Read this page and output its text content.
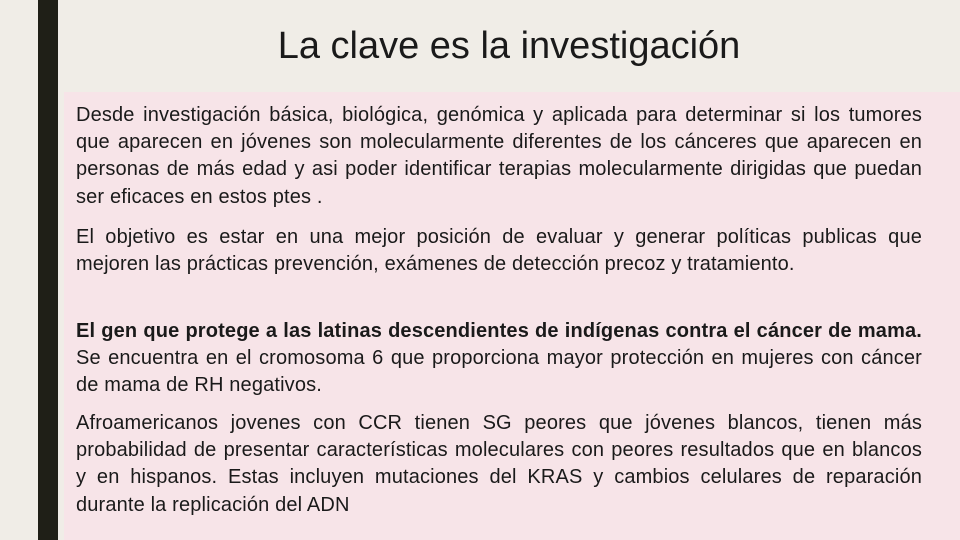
La clave es la investigación

Desde investigación básica, biológica, genómica y aplicada para determinar si los tumores que aparecen en jóvenes son molecularmente diferentes de los cánceres que aparecen en personas de más edad y asi poder identificar terapias molecularmente dirigidas que puedan ser eficaces en estos ptes .

El objetivo es estar en una mejor posición de evaluar y generar políticas publicas que mejoren las prácticas prevención, exámenes de detección precoz y tratamiento.

El gen que protege a las latinas descendientes de indígenas contra el cáncer de mama. Se encuentra en el cromosoma 6 que proporciona mayor protección en mujeres con cáncer de mama de RH negativos.

Afroamericanos jovenes con CCR tienen SG peores que jóvenes blancos, tienen más probabilidad de presentar características moleculares con peores resultados que en blancos y en hispanos. Estas incluyen mutaciones del KRAS y cambios celulares de reparación durante la replicación del ADN
